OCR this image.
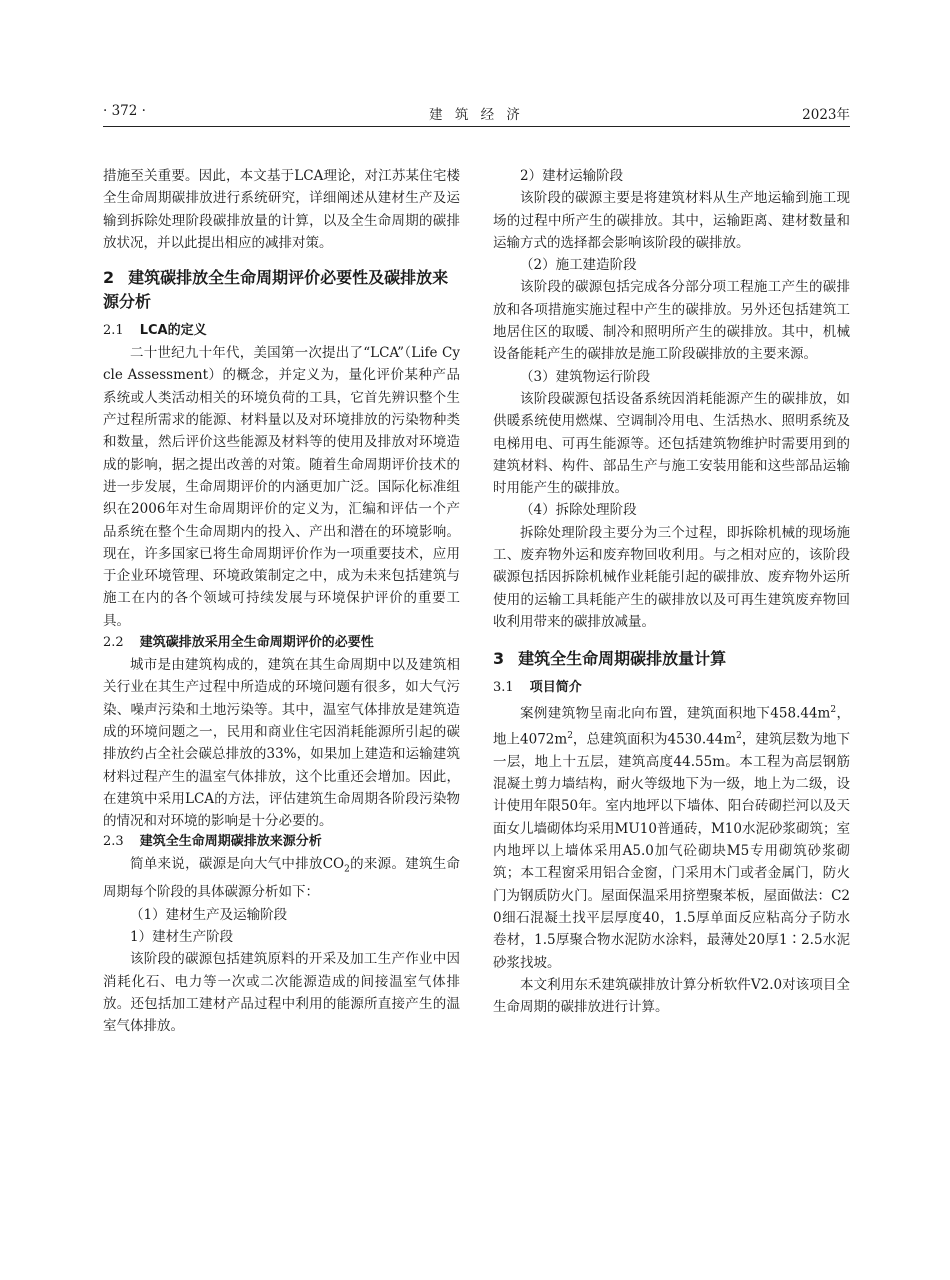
· 372 ·	建 筑 经 济	2023年

措施至关重要。因此，本文基于LCA理论，对江苏某住宅楼全生命周期碳排放进行系统研究，详细阐述从建材生产及运输到拆除处理阶段碳排放量的计算，以及全生命周期的碳排放状况，并以此提出相应的减排对策。

2 建筑碳排放全生命周期评价必要性及碳排放来源分析
2.1 LCA的定义

二十世纪九十年代，美国第一次提出了“LCA”（Life Cycle Assessment）的概念，并定义为，量化评价某种产品系统或人类活动相关的环境负荷的工具，它首先辨识整个生产过程所需求的能源、材料量以及对环境排放的污染物种类和数量，然后评价这些能源及材料等的使用及排放对环境造成的影响，据之提出改善的对策。随着生命周期评价技术的进一步发展，生命周期评价的内涵更加广泛。国际化标准组织在2006年对生命周期评价的定义为，汇编和评估一个产品系统在整个生命周期内的投入、产出和潜在的环境影响。现在，许多国家已将生命周期评价作为一项重要技术，应用于企业环境管理、环境政策制定之中，成为未来包括建筑与施工在内的各个领域可持续发展与环境保护评价的重要工具。

2.2 建筑碳排放采用全生命周期评价的必要性

城市是由建筑构成的，建筑在其生命周期中以及建筑相关行业在其生产过程中所造成的环境问题有很多，如大气污染、噪声污染和土地污染等。其中，温室气体排放是建筑造成的环境问题之一，民用和商业住宅因消耗能源所引起的碳排放约占全社会碳总排放的33%，如果加上建造和运输建筑材料过程产生的温室气体排放，这个比重还会增加。因此，在建筑中采用LCA的方法，评估建筑生命周期各阶段污染物的情况和对环境的影响是十分必要的。

2.3 建筑全生命周期碳排放来源分析

简单来说，碳源是向大气中排放$CO_2$的来源。建筑生命周期每个阶段的具体碳源分析如下：

（1）建材生产及运输阶段

1）建材生产阶段

该阶段的碳源包括建筑原料的开采及加工生产作业中因消耗化石、电力等一次或二次能源造成的间接温室气体排放。还包括加工建材产品过程中利用的能源所直接产生的温室气体排放。

2）建材运输阶段

该阶段的碳源主要是将建筑材料从生产地运输到施工现场的过程中所产生的碳排放。其中，运输距离、建材数量和运输方式的选择都会影响该阶段的碳排放。

（2）施工建造阶段

该阶段的碳源包括完成各分部分项工程施工产生的碳排放和各项措施实施过程中产生的碳排放。另外还包括建筑工地居住区的取暖、制冷和照明所产生的碳排放。其中，机械设备能耗产生的碳排放是施工阶段碳排放的主要来源。

（3）建筑物运行阶段

该阶段碳源包括设备系统因消耗能源产生的碳排放，如供暖系统使用燃煤、空调制冷用电、生活热水、照明系统及电梯用电、可再生能源等。还包括建筑物维护时需要用到的建筑材料、构件、部品生产与施工安装用能和这些部品运输时用能产生的碳排放。

（4）拆除处理阶段

拆除处理阶段主要分为三个过程，即拆除机械的现场施工、废弃物外运和废弃物回收利用。与之相对应的，该阶段碳源包括因拆除机械作业耗能引起的碳排放、废弃物外运所使用的运输工具耗能产生的碳排放以及可再生建筑废弃物回收利用带来的碳排放减量。

3 建筑全生命周期碳排放量计算
3.1 项目简介

案例建筑物呈南北向布置，建筑面积地下$458.44m^2$，地上$4072m^2$，总建筑面积为$4530.44m^2$，建筑层数为地下一层，地上十五层，建筑高度44.55m。本工程为高层钢筋混凝土剪力墙结构，耐火等级地下为一级，地上为二级，设计使用年限50年。室内地坪以下墙体、阳台砖砌拦河以及天面女儿墙砌体均采用MU10普通砖，M10水泥砂浆砌筑；室内地坪以上墙体采用A5.0加气砼砌块M5专用砌筑砂浆砌筑；本工程窗采用铝合金窗，门采用木门或者金属门，防火门为钢质防火门。屋面保温采用挤塑聚苯板，屋面做法：C20细石混凝土找平层厚度40，1.5厚单面反应粘高分子防水卷材，1.5厚聚合物水泥防水涂料，最薄处20厚1∶2.5水泥砂浆找坡。

本文利用东禾建筑碳排放计算分析软件V2.0对该项目全生命周期的碳排放进行计算。
